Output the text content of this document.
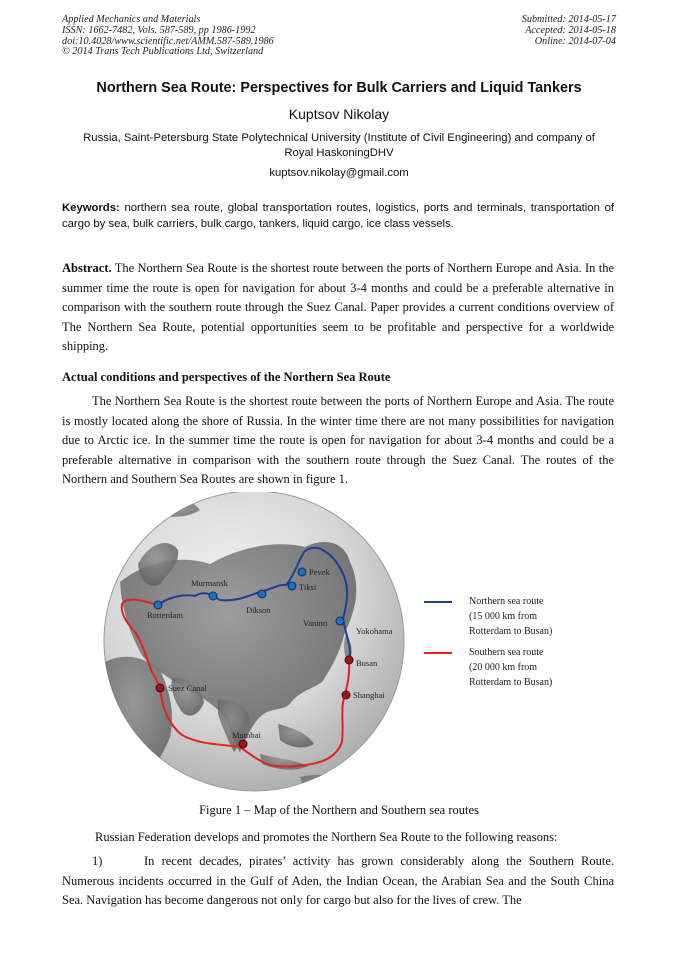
Applied Mechanics and Materials
ISSN: 1662-7482, Vols. 587-589, pp 1986-1992
doi:10.4028/www.scientific.net/AMM.587-589.1986
© 2014 Trans Tech Publications Ltd, Switzerland
Submitted: 2014-05-17
Accepted: 2014-05-18
Online: 2014-07-04
Northern Sea Route: Perspectives for Bulk Carriers and Liquid Tankers
Kuptsov Nikolay
Russia, Saint-Petersburg State Polytechnical University (Institute of Civil Engineering) and company of Royal HaskoningDHV
kuptsov.nikolay@gmail.com
Keywords: northern sea route, global transportation routes, logistics, ports and terminals, transportation of cargo by sea, bulk carriers, bulk cargo, tankers, liquid cargo, ice class vessels.
Abstract. The Northern Sea Route is the shortest route between the ports of Northern Europe and Asia. In the summer time the route is open for navigation for about 3-4 months and could be a preferable alternative in comparison with the southern route through the Suez Canal. Paper provides a current conditions overview of The Northern Sea Route, potential opportunities seem to be profitable and perspective for a worldwide shipping.
Actual conditions and perspectives of the Northern Sea Route
The Northern Sea Route is the shortest route between the ports of Northern Europe and Asia. The route is mostly located along the shore of Russia. In the winter time there are not many possibilities for navigation due to Arctic ice. In the summer time the route is open for navigation for about 3-4 months and could be a preferable alternative in comparison with the southern route through the Suez Canal. The routes of the Northern and Southern Sea Routes are shown in figure 1.
Pevek
Tiksi
Murmansk
Dikson
Rotterdam
Vanino
Yokohama
Busan
Suez Canal
Shanghai
Mumbai
Northern sea route
(15 000 km from
Rotterdam to Busan)
Southern sea route
(20 000 km from
Rotterdam to Busan)
Figure 1 – Map of the Northern and Southern sea routes
Russian Federation develops and promotes the Northern Sea Route to the following reasons:
1)	In recent decades, pirates’ activity has grown considerably along the Southern Route. Numerous incidents occurred in the Gulf of Aden, the Indian Ocean, the Arabian Sea and the South China Sea. Navigation has become dangerous not only for cargo but also for the lives of crew. The
